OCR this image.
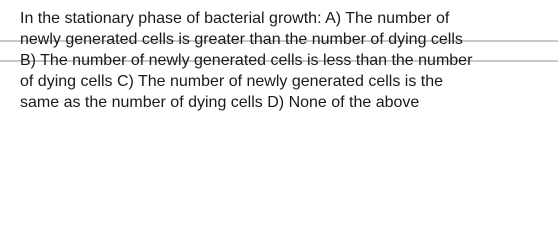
In the stationary phase of bacterial growth: A) The number of
newly generated cells is greater than the number of dying cells
B) The number of newly generated cells is less than the number
of dying cells C) The number of newly generated cells is the
same as the number of dying cells D) None of the above
